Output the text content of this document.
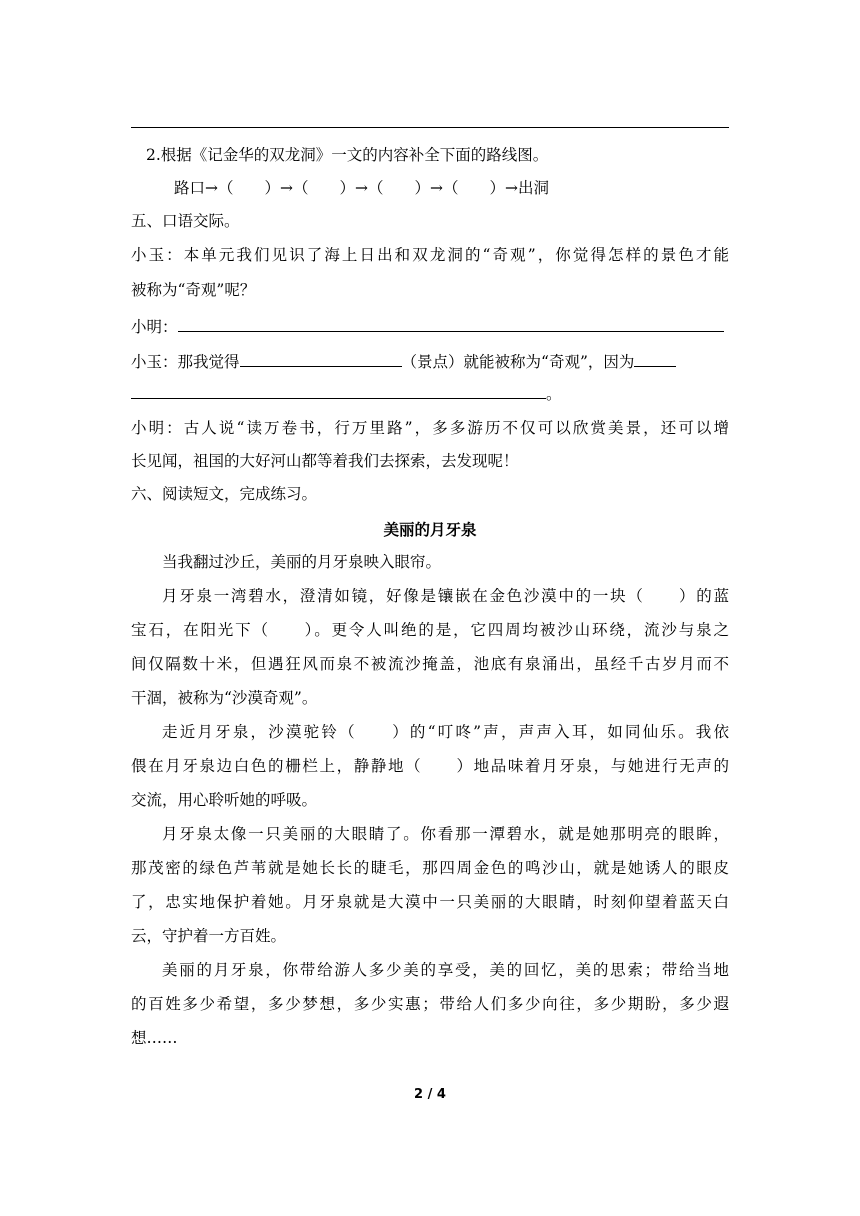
2.根据《记金华的双龙洞》一文的内容补全下面的路线图。
路口→（　　）→（　　）→（　　）→（　　）→出洞
五、口语交际。
小玉：本单元我们见识了海上日出和双龙洞的“奇观”，你觉得怎样的景色才能
被称为“奇观”呢？
小明：
小玉：那我觉得	（景点）就能被称为“奇观”，因为
。
小明：古人说“读万卷书，行万里路”，多多游历不仅可以欣赏美景，还可以增
长见闻，祖国的大好河山都等着我们去探索，去发现呢！
六、阅读短文，完成练习。
美丽的月牙泉
当我翻过沙丘，美丽的月牙泉映入眼帘。
月牙泉一湾碧水，澄清如镜，好像是镶嵌在金色沙漠中的一块（　　）的蓝
宝石，在阳光下（　　）。更令人叫绝的是，它四周均被沙山环绕，流沙与泉之
间仅隔数十米，但遇狂风而泉不被流沙掩盖，池底有泉涌出，虽经千古岁月而不
干涸，被称为“沙漠奇观”。
走近月牙泉，沙漠驼铃（　　）的“叮咚”声，声声入耳，如同仙乐。我依
偎在月牙泉边白色的栅栏上，静静地（　　）地品味着月牙泉，与她进行无声的
交流，用心聆听她的呼吸。
月牙泉太像一只美丽的大眼睛了。你看那一潭碧水，就是她那明亮的眼眸，
那茂密的绿色芦苇就是她长长的睫毛，那四周金色的鸣沙山，就是她诱人的眼皮
了，忠实地保护着她。月牙泉就是大漠中一只美丽的大眼睛，时刻仰望着蓝天白
云，守护着一方百姓。
美丽的月牙泉，你带给游人多少美的享受，美的回忆，美的思索；带给当地
的百姓多少希望，多少梦想，多少实惠；带给人们多少向往，多少期盼，多少遐
想……
2 / 4
